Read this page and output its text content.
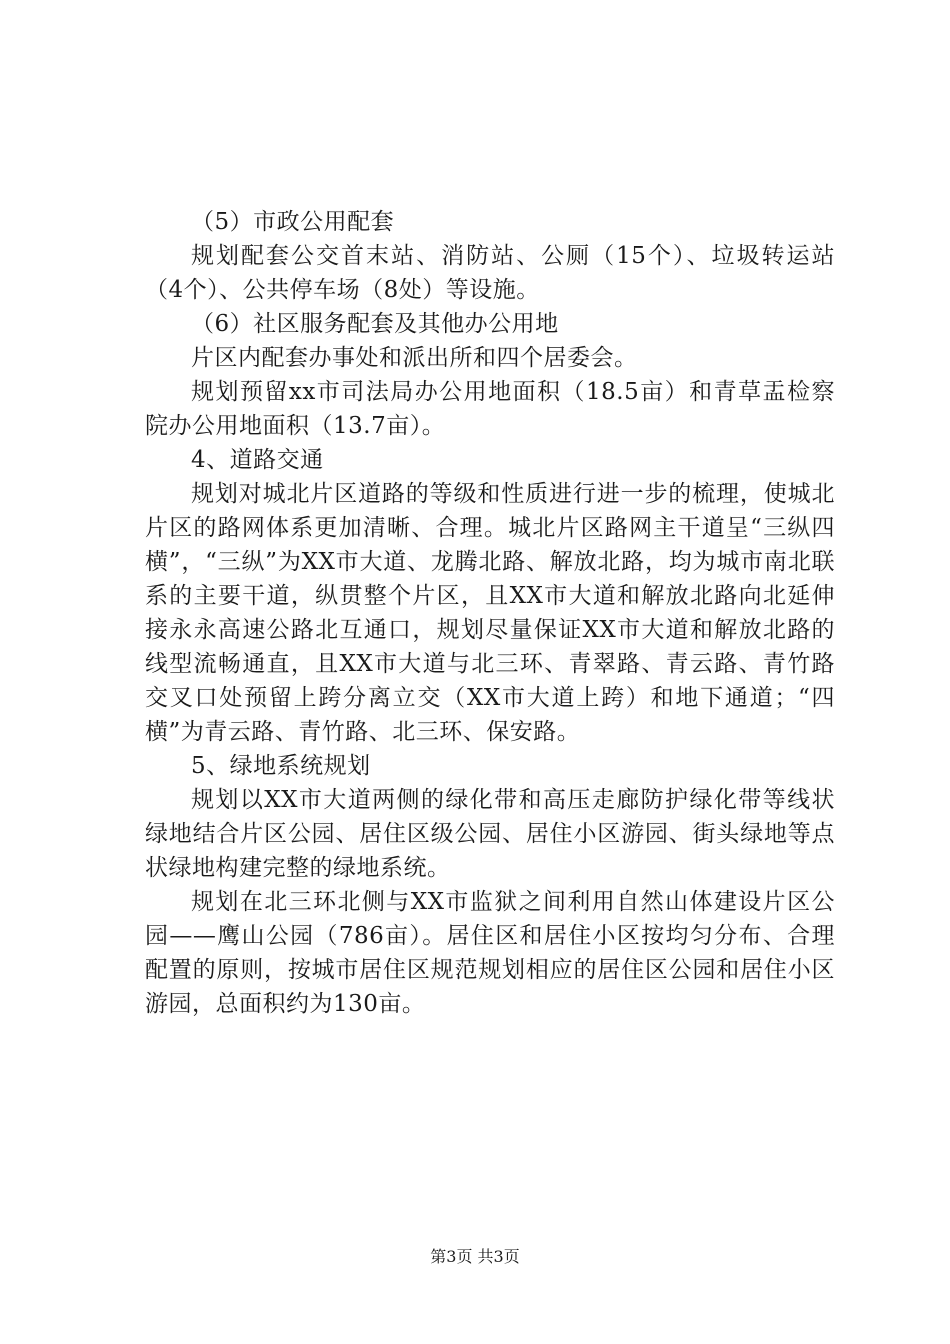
（5）市政公用配套

规划配套公交首末站、消防站、公厕（15个）、垃圾转运站（4个）、公共停车场（8处）等设施。

（6）社区服务配套及其他办公用地

片区内配套办事处和派出所和四个居委会。

规划预留xx市司法局办公用地面积（18.5亩）和青草盂检察院办公用地面积（13.7亩）。

4、道路交通

规划对城北片区道路的等级和性质进行进一步的梳理，使城北片区的路网体系更加清晰、合理。城北片区路网主干道呈“三纵四横”，“三纵”为XX市大道、龙腾北路、解放北路，均为城市南北联系的主要干道，纵贯整个片区，且XX市大道和解放北路向北延伸接永永高速公路北互通口，规划尽量保证XX市大道和解放北路的线型流畅通直，且XX市大道与北三环、青翠路、青云路、青竹路交叉口处预留上跨分离立交（XX市大道上跨）和地下通道；“四横”为青云路、青竹路、北三环、保安路。

5、绿地系统规划

规划以XX市大道两侧的绿化带和高压走廊防护绿化带等线状绿地结合片区公园、居住区级公园、居住小区游园、街头绿地等点状绿地构建完整的绿地系统。

规划在北三环北侧与XX市监狱之间利用自然山体建设片区公园——鹰山公园（786亩）。居住区和居住小区按均匀分布、合理配置的原则，按城市居住区规范规划相应的居住区公园和居住小区游园，总面积约为130亩。

第3页 共3页
